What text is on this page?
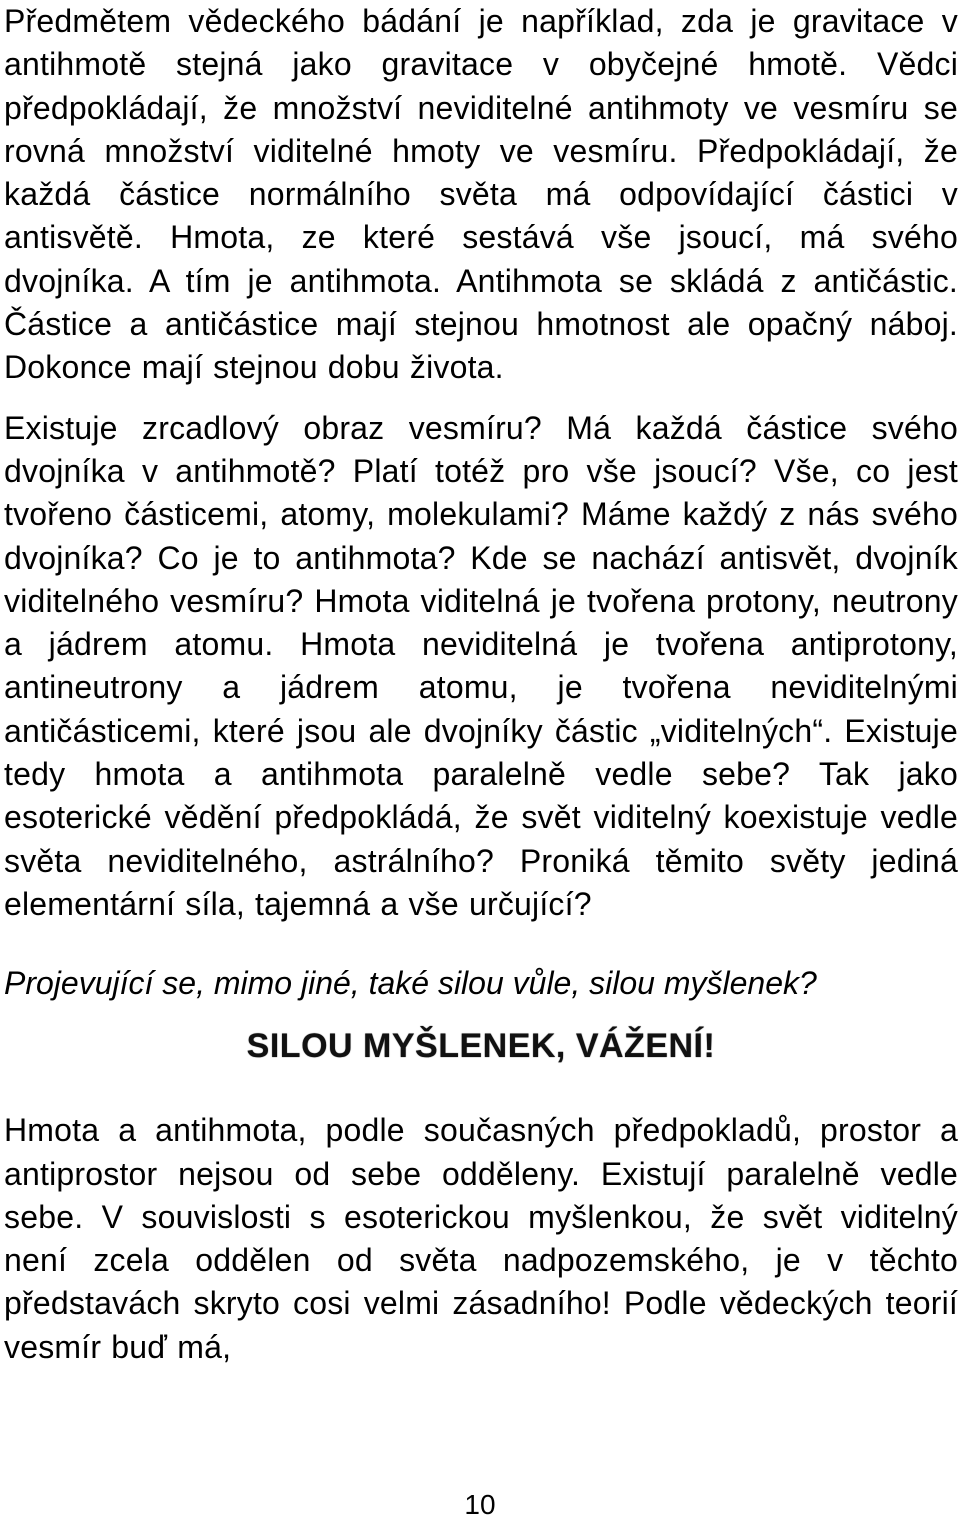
Předmětem vědeckého bádání je například, zda je gravitace v antihmotě stejná jako gravitace v obyčejné hmotě. Vědci předpokládají, že množství neviditelné antihmoty ve vesmíru se rovná množství viditelné hmoty ve vesmíru. Předpokládají, že každá částice normálního světa má odpovídající částici v antisvětě. Hmota, ze které sestává vše jsoucí, má svého dvojníka. A tím je antihmota. Antihmota se skládá z antičástic. Částice a antičástice mají stejnou hmotnost ale opačný náboj. Dokonce mají stejnou dobu života.

Existuje zrcadlový obraz vesmíru? Má každá částice svého dvojníka v antihmotě? Platí totéž pro vše jsoucí? Vše, co jest tvořeno částicemi, atomy, molekulami? Máme každý z nás svého dvojníka? Co je to antihmota? Kde se nachází antisvět, dvojník viditelného vesmíru? Hmota viditelná je tvořena protony, neutrony a jádrem atomu. Hmota neviditelná je tvořena antiprotony, antineutrony a jádrem atomu, je tvořena neviditelnými antičásticemi, které jsou ale dvojníky částic „viditelných“. Existuje tedy hmota a antihmota paralelně vedle sebe? Tak jako esoterické vědění předpokládá, že svět viditelný koexistuje vedle světa neviditelného, astrálního? Proniká těmito světy jediná elementární síla, tajemná a vše určující?

Projevující se, mimo jiné, také silou vůle, silou myšlenek?

SILOU MYŠLENEK, VÁŽENÍ!

Hmota a antihmota, podle současných předpokladů, prostor a antiprostor nejsou od sebe odděleny. Existují paralelně vedle sebe. V souvislosti s esoterickou myšlenkou, že svět viditelný není zcela oddělen od světa nadpozemského, je v těchto představách skryto cosi velmi zásadního! Podle vědeckých teorií vesmír buď má,

10
